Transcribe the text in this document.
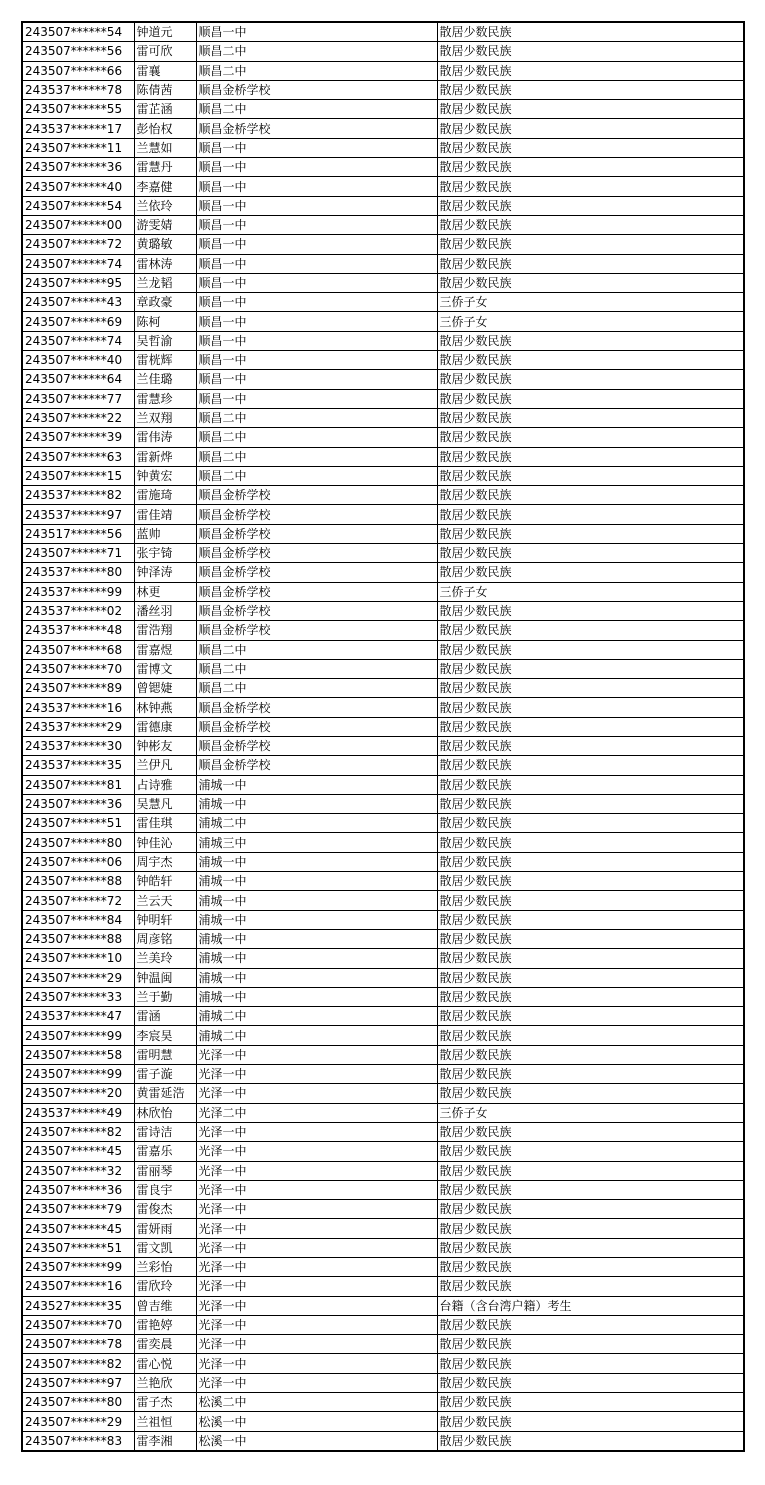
243507******54	钟道元	顺昌一中	散居少数民族
243507******56	雷可欣	顺昌二中	散居少数民族
243507******66	雷襄	顺昌二中	散居少数民族
243537******78	陈倩茜	顺昌金桥学校	散居少数民族
243507******55	雷芷涵	顺昌二中	散居少数民族
243537******17	彭怡权	顺昌金桥学校	散居少数民族
243507******11	兰慧如	顺昌一中	散居少数民族
243507******36	雷慧丹	顺昌一中	散居少数民族
243507******40	李嘉健	顺昌一中	散居少数民族
243507******54	兰依玲	顺昌一中	散居少数民族
243507******00	游雯婧	顺昌一中	散居少数民族
243507******72	黄璐敏	顺昌一中	散居少数民族
243507******74	雷林涛	顺昌一中	散居少数民族
243507******95	兰龙韬	顺昌一中	散居少数民族
243507******43	章政豪	顺昌一中	三侨子女
243507******69	陈柯	顺昌一中	三侨子女
243507******74	吴哲渝	顺昌一中	散居少数民族
243507******40	雷桄辉	顺昌一中	散居少数民族
243507******64	兰佳璐	顺昌一中	散居少数民族
243507******77	雷慧珍	顺昌一中	散居少数民族
243507******22	兰双翔	顺昌二中	散居少数民族
243507******39	雷伟涛	顺昌二中	散居少数民族
243507******63	雷新烨	顺昌二中	散居少数民族
243507******15	钟黄宏	顺昌二中	散居少数民族
243537******82	雷施琦	顺昌金桥学校	散居少数民族
243537******97	雷佳靖	顺昌金桥学校	散居少数民族
243517******56	蓝帅	顺昌金桥学校	散居少数民族
243507******71	张宇锜	顺昌金桥学校	散居少数民族
243537******80	钟泽涛	顺昌金桥学校	散居少数民族
243537******99	林更	顺昌金桥学校	三侨子女
243537******02	潘丝羽	顺昌金桥学校	散居少数民族
243537******48	雷浩翔	顺昌金桥学校	散居少数民族
243507******68	雷嘉煜	顺昌二中	散居少数民族
243507******70	雷博文	顺昌二中	散居少数民族
243507******89	曾锶婕	顺昌二中	散居少数民族
243537******16	林钟燕	顺昌金桥学校	散居少数民族
243537******29	雷德康	顺昌金桥学校	散居少数民族
243537******30	钟彬友	顺昌金桥学校	散居少数民族
243537******35	兰伊凡	顺昌金桥学校	散居少数民族
243507******81	占诗雅	浦城一中	散居少数民族
243507******36	吴慧凡	浦城一中	散居少数民族
243507******51	雷佳琪	浦城二中	散居少数民族
243507******80	钟佳沁	浦城三中	散居少数民族
243507******06	周宇杰	浦城一中	散居少数民族
243507******88	钟皓轩	浦城一中	散居少数民族
243507******72	兰云天	浦城一中	散居少数民族
243507******84	钟明轩	浦城一中	散居少数民族
243507******88	周彦铭	浦城一中	散居少数民族
243507******10	兰美玲	浦城一中	散居少数民族
243507******29	钟温闽	浦城一中	散居少数民族
243507******33	兰于勤	浦城一中	散居少数民族
243537******47	雷涵	浦城二中	散居少数民族
243507******99	李宸昊	浦城二中	散居少数民族
243507******58	雷明慧	光泽一中	散居少数民族
243507******99	雷子漩	光泽一中	散居少数民族
243507******20	黄雷延浩	光泽一中	散居少数民族
243537******49	林欣怡	光泽二中	三侨子女
243507******82	雷诗洁	光泽一中	散居少数民族
243507******45	雷嘉乐	光泽一中	散居少数民族
243507******32	雷丽琴	光泽一中	散居少数民族
243507******36	雷良宇	光泽一中	散居少数民族
243507******79	雷俊杰	光泽一中	散居少数民族
243507******45	雷妍雨	光泽一中	散居少数民族
243507******51	雷文凯	光泽一中	散居少数民族
243507******99	兰彩怡	光泽一中	散居少数民族
243507******16	雷欣玲	光泽一中	散居少数民族
243527******35	曾吉维	光泽一中	台籍（含台湾户籍）考生
243507******70	雷艳婷	光泽一中	散居少数民族
243507******78	雷奕晨	光泽一中	散居少数民族
243507******82	雷心悦	光泽一中	散居少数民族
243507******97	兰艳欣	光泽一中	散居少数民族
243507******80	雷子杰	松溪二中	散居少数民族
243507******29	兰祖恒	松溪一中	散居少数民族
243507******83	雷李湘	松溪一中	散居少数民族
